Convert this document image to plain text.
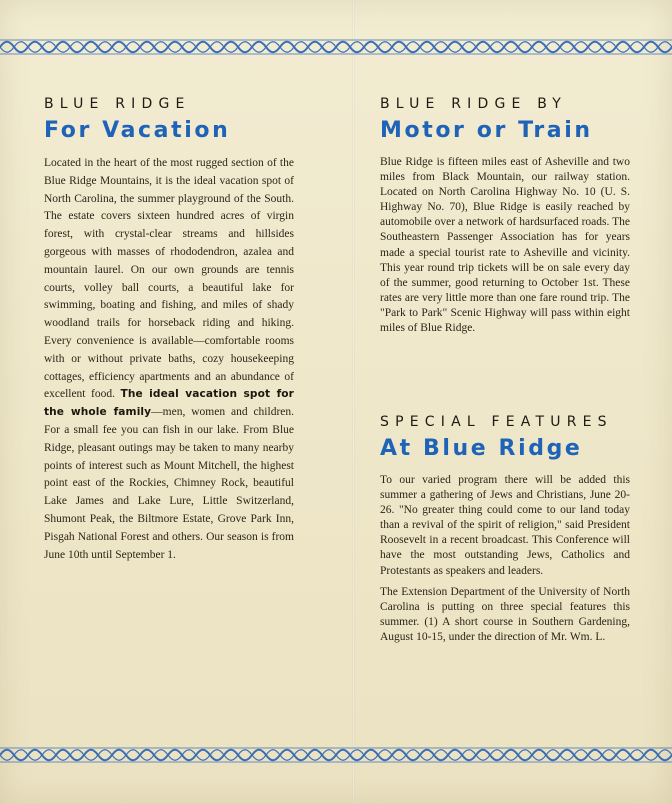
BLUE RIDGE

For Vacation

Located in the heart of the most rugged section of the Blue Ridge Mountains, it is the ideal vacation spot of North Carolina, the summer playground of the South. The estate covers sixteen hundred acres of virgin forest, with crystal-clear streams and hillsides gorgeous with masses of rhododendron, azalea and mountain laurel. On our own grounds are tennis courts, volley ball courts, a beautiful lake for swimming, boating and fishing, and miles of shady woodland trails for horseback riding and hiking. Every convenience is available—comfortable rooms with or without private baths, cozy housekeeping cottages, efficiency apartments and an abundance of excellent food. The ideal vacation spot for the whole family—men, women and children. For a small fee you can fish in our lake. From Blue Ridge, pleasant outings may be taken to many nearby points of interest such as Mount Mitchell, the highest point east of the Rockies, Chimney Rock, beautiful Lake James and Lake Lure, Little Switzerland, Shumont Peak, the Biltmore Estate, Grove Park Inn, Pisgah National Forest and others. Our season is from June 10th until September 1.

BLUE RIDGE BY

Motor or Train

Blue Ridge is fifteen miles east of Asheville and two miles from Black Mountain, our railway station. Located on North Carolina Highway No. 10 (U. S. Highway No. 70), Blue Ridge is easily reached by automobile over a network of hardsurfaced roads. The Southeastern Passenger Association has for years made a special tourist rate to Asheville and vicinity. This year round trip tickets will be on sale every day of the summer, good returning to October 1st. These rates are very little more than one fare round trip. The "Park to Park" Scenic Highway will pass within eight miles of Blue Ridge.

SPECIAL FEATURES

At Blue Ridge

To our varied program there will be added this summer a gathering of Jews and Christians, June 20-26. "No greater thing could come to our land today than a revival of the spirit of religion," said President Roosevelt in a recent broadcast. This Conference will have the most outstanding Jews, Catholics and Protestants as speakers and leaders.

The Extension Department of the University of North Carolina is putting on three special features this summer. (1) A short course in Southern Gardening, August 10-15, under the direction of Mr. Wm. L.
